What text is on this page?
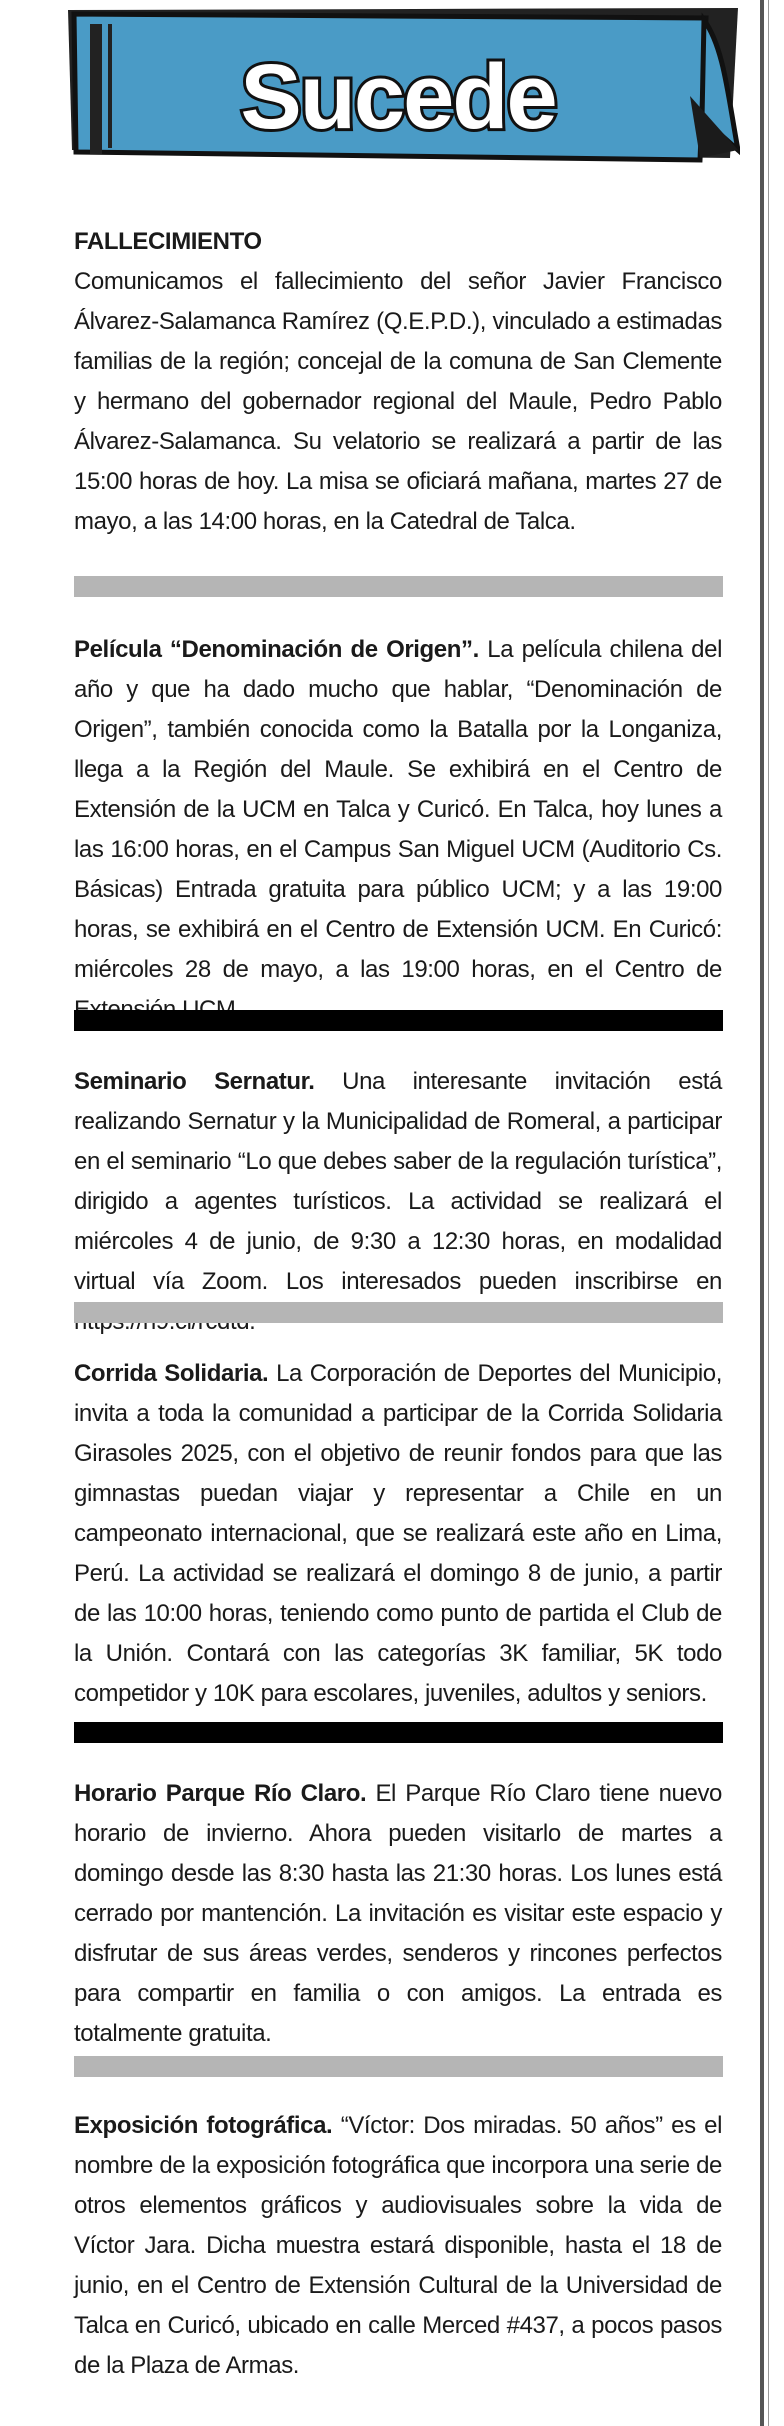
Sucede
FALLECIMIENTO
Comunicamos el fallecimiento del señor Javier Francisco Álvarez-Salamanca Ramírez (Q.E.P.D.), vinculado a estimadas familias de la región; concejal de la comuna de San Clemente y hermano del gobernador regional del Maule, Pedro Pablo Álvarez-Salamanca. Su velatorio se realizará a partir de las 15:00 horas de hoy. La misa se oficiará mañana, martes 27 de mayo, a las 14:00 horas, en la Catedral de Talca.
Película “Denominación de Origen”. La película chilena del año y que ha dado mucho que hablar, “Denominación de Origen”, también conocida como la Batalla por la Longaniza, llega a la Región del Maule. Se exhibirá en el Centro de Extensión de la UCM en Talca y Curicó. En Talca, hoy lunes a las 16:00 horas, en el Campus San Miguel UCM (Auditorio Cs. Básicas) Entrada gratuita para público UCM; y a las 19:00 horas, se exhibirá en el Centro de Extensión UCM. En Curicó: miércoles 28 de mayo, a las 19:00 horas, en el Centro de
Seminario Sernatur. Una interesante invitación está realizando Sernatur y la Municipalidad de Romeral, a participar en el seminario “Lo que debes saber de la regulación turística”, dirigido a agentes turísticos. La actividad se realizará el miércoles 4 de junio, de 9:30 a 12:30 horas, en modalidad virtual vía Zoom. Los interesados pueden inscribirse en
Corrida Solidaria. La Corporación de Deportes del Municipio, invita a toda la comunidad a participar de la Corrida Solidaria Girasoles 2025, con el objetivo de reunir fondos para que las gimnastas puedan viajar y representar a Chile en un campeonato internacional, que se realizará este año en Lima, Perú. La actividad se realizará el domingo 8 de junio, a partir de las 10:00 horas, teniendo como punto de partida el Club de la Unión. Contará con las categorías 3K familiar, 5K todo competidor y 10K para escolares, juveniles, adultos y seniors.
Horario Parque Río Claro. El Parque Río Claro tiene nuevo horario de invierno. Ahora pueden visitarlo de martes a domingo desde las 8:30 hasta las 21:30 horas. Los lunes está cerrado por mantención. La invitación es visitar este espacio y disfrutar de sus áreas verdes, senderos y rincones perfectos para compartir en familia o con amigos. La entrada es totalmente gratuita.
Exposición fotográfica. “Víctor: Dos miradas. 50 años” es el nombre de la exposición fotográfica que incorpora una serie de otros elementos gráficos y audiovisuales sobre la vida de Víctor Jara. Dicha muestra estará disponible, hasta el 18 de junio, en el Centro de Extensión Cultural de la Universidad de Talca en Curicó, ubicado en calle Merced #437, a pocos pasos de la Plaza de Armas.
